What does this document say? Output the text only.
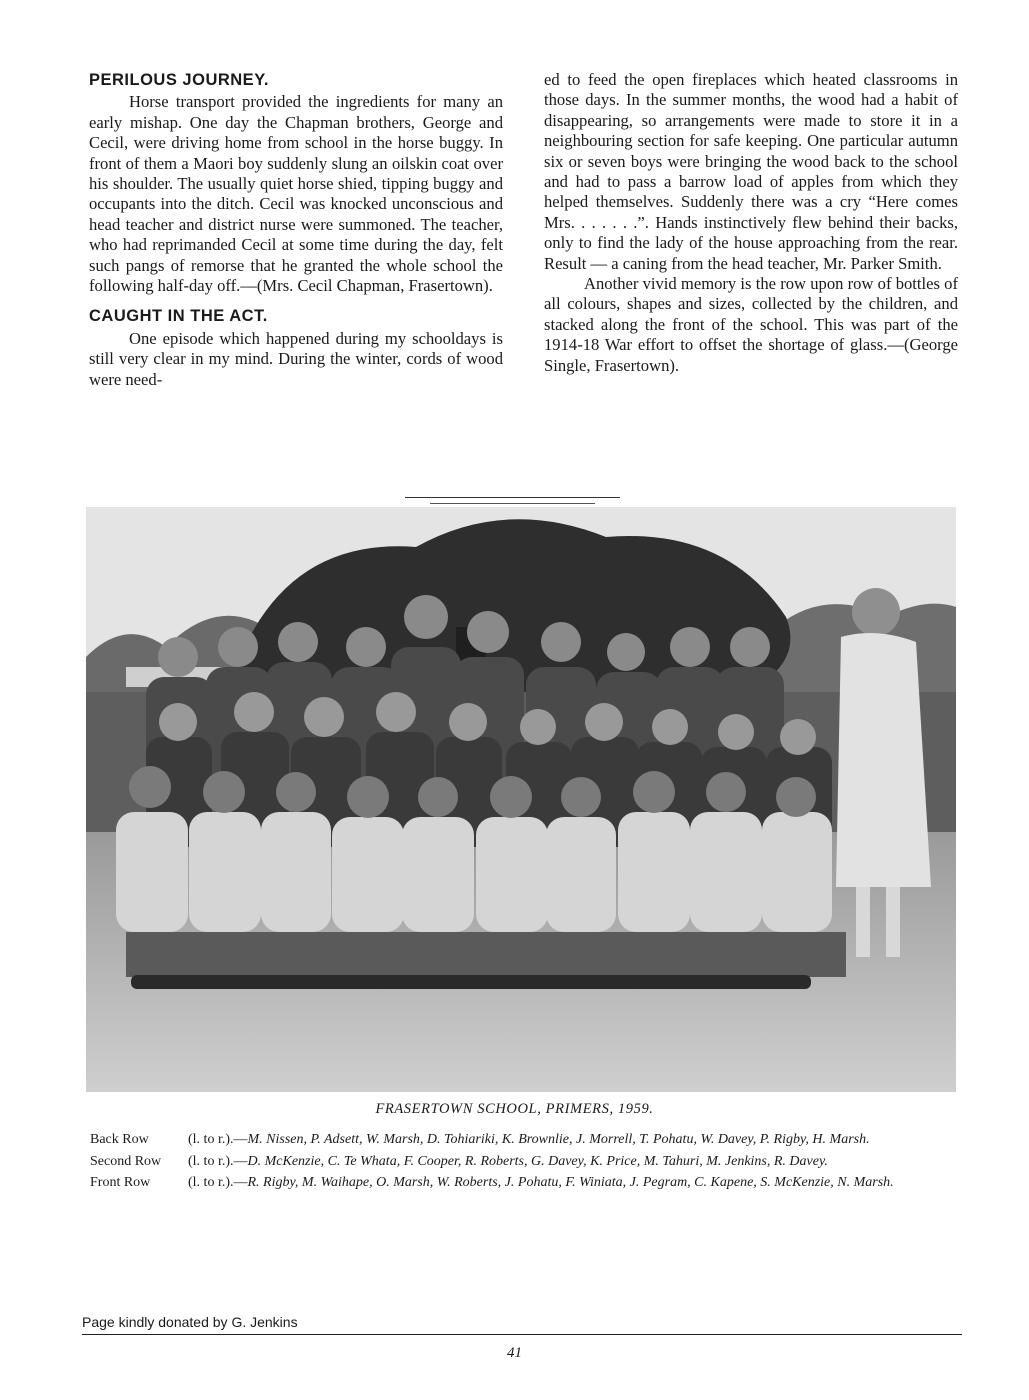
PERILOUS JOURNEY.

Horse transport provided the ingredients for many an early mishap. One day the Chapman brothers, George and Cecil, were driving home from school in the horse buggy. In front of them a Maori boy suddenly slung an oilskin coat over his shoulder. The usually quiet horse shied, tipping buggy and occupants into the ditch. Cecil was knocked unconscious and head teacher and district nurse were summoned. The teacher, who had reprimanded Cecil at some time during the day, felt such pangs of remorse that he granted the whole school the following half-day off.—(Mrs. Cecil Chapman, Frasertown).

CAUGHT IN THE ACT.

One episode which happened during my schooldays is still very clear in my mind. During the winter, cords of wood were need-

ed to feed the open fireplaces which heated classrooms in those days. In the summer months, the wood had a habit of disappearing, so arrangements were made to store it in a neighbouring section for safe keeping. One particular autumn six or seven boys were bringing the wood back to the school and had to pass a barrow load of apples from which they helped themselves. Suddenly there was a cry “Here comes Mrs. . . . . . .”. Hands instinctively flew behind their backs, only to find the lady of the house approaching from the rear. Result — a caning from the head teacher, Mr. Parker Smith.

Another vivid memory is the row upon row of bottles of all colours, shapes and sizes, collected by the children, and stacked along the front of the school. This was part of the 1914-18 War effort to offset the shortage of glass.—(George Single, Frasertown).

FRASERTOWN SCHOOL, PRIMERS, 1959.
Back Row	(l. to r.).—M. Nissen, P. Adsett, W. Marsh, D. Tohiariki, K. Brownlie, J. Morrell, T. Pohatu, W. Davey, P. Rigby, H. Marsh.
Second Row	(l. to r.).—D. McKenzie, C. Te Whata, F. Cooper, R. Roberts, G. Davey, K. Price, M. Tahuri, M. Jenkins, R. Davey.
Front Row	(l. to r.).—R. Rigby, M. Waihape, O. Marsh, W. Roberts, J. Pohatu, F. Winiata, J. Pegram, C. Kapene, S. McKenzie, N. Marsh.
Page kindly donated by G. Jenkins
41
